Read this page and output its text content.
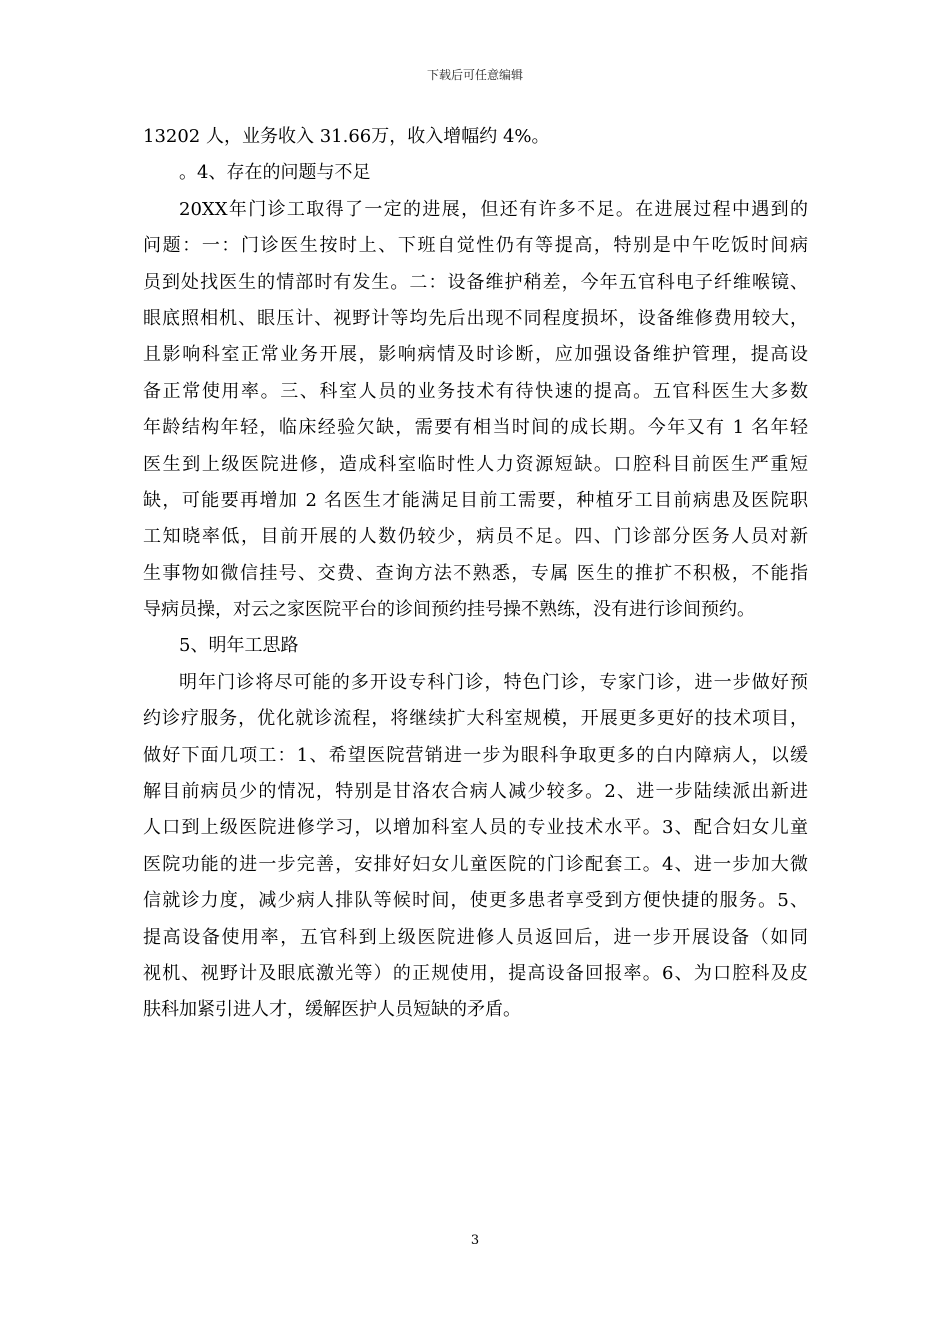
下载后可任意编辑
13202 人，业务收入 31.66万，收入增幅约 4%。
。4、存在的问题与不足
20XX年门诊工取得了一定的进展，但还有许多不足。在进展过程中遇到的
问题：一：门诊医生按时上、下班自觉性仍有等提高，特别是中午吃饭时间病
员到处找医生的情部时有发生。二：设备维护稍差，今年五官科电子纤维喉镜、
眼底照相机、眼压计、视野计等均先后出现不同程度损坏，设备维修费用较大，
且影响科室正常业务开展，影响病情及时诊断，应加强设备维护管理，提高设
备正常使用率。三、科室人员的业务技术有待快速的提高。五官科医生大多数
年龄结构年轻，临床经验欠缺，需要有相当时间的成长期。今年又有 1 名年轻
医生到上级医院进修，造成科室临时性人力资源短缺。口腔科目前医生严重短
缺，可能要再增加 2 名医生才能满足目前工需要，种植牙工目前病患及医院职
工知晓率低，目前开展的人数仍较少，病员不足。四、门诊部分医务人员对新
生事物如微信挂号、交费、查询方法不熟悉，专属 医生的推扩不积极，不能指
导病员操，对云之家医院平台的诊间预约挂号操不熟练，没有进行诊间预约。
5、明年工思路
明年门诊将尽可能的多开设专科门诊，特色门诊，专家门诊，进一步做好预
约诊疗服务，优化就诊流程，将继续扩大科室规模，开展更多更好的技术项目，
做好下面几项工：1、希望医院营销进一步为眼科争取更多的白内障病人，以缓
解目前病员少的情况，特别是甘洛农合病人减少较多。2、进一步陆续派出新进
人口到上级医院进修学习，以增加科室人员的专业技术水平。3、配合妇女儿童
医院功能的进一步完善，安排好妇女儿童医院的门诊配套工。4、进一步加大微
信就诊力度，减少病人排队等候时间，使更多患者享受到方便快捷的服务。5、
提高设备使用率，五官科到上级医院进修人员返回后，进一步开展设备（如同
视机、视野计及眼底激光等）的正规使用，提高设备回报率。6、为口腔科及皮
肤科加紧引进人才，缓解医护人员短缺的矛盾。
3
